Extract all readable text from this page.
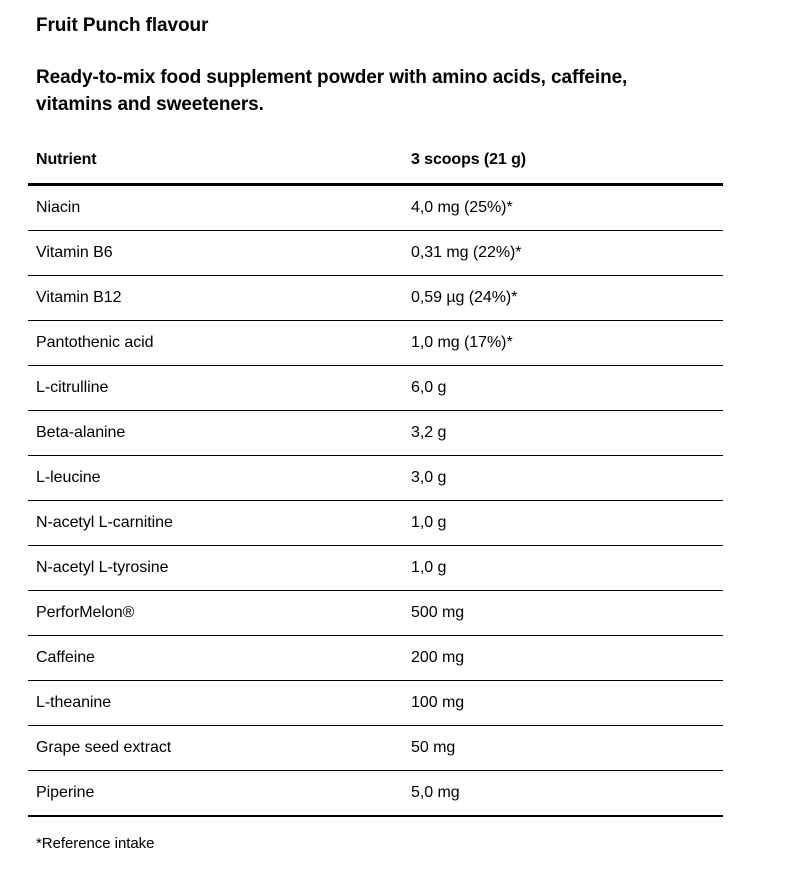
Fruit Punch flavour
Ready-to-mix food supplement powder with amino acids, caffeine, vitamins and sweeteners.
Nutrient	3 scoops (21 g)
Niacin	4,0 mg (25%)*
Vitamin B6	0,31 mg (22%)*
Vitamin B12	0,59 µg (24%)*
Pantothenic acid	1,0 mg (17%)*
L-citrulline	6,0 g
Beta-alanine	3,2 g
L-leucine	3,0 g
N-acetyl L-carnitine	1,0 g
N-acetyl L-tyrosine	1,0 g
PerforMelon®	500 mg
Caffeine	200 mg
L-theanine	100 mg
Grape seed extract	50 mg
Piperine	5,0 mg
*Reference intake
